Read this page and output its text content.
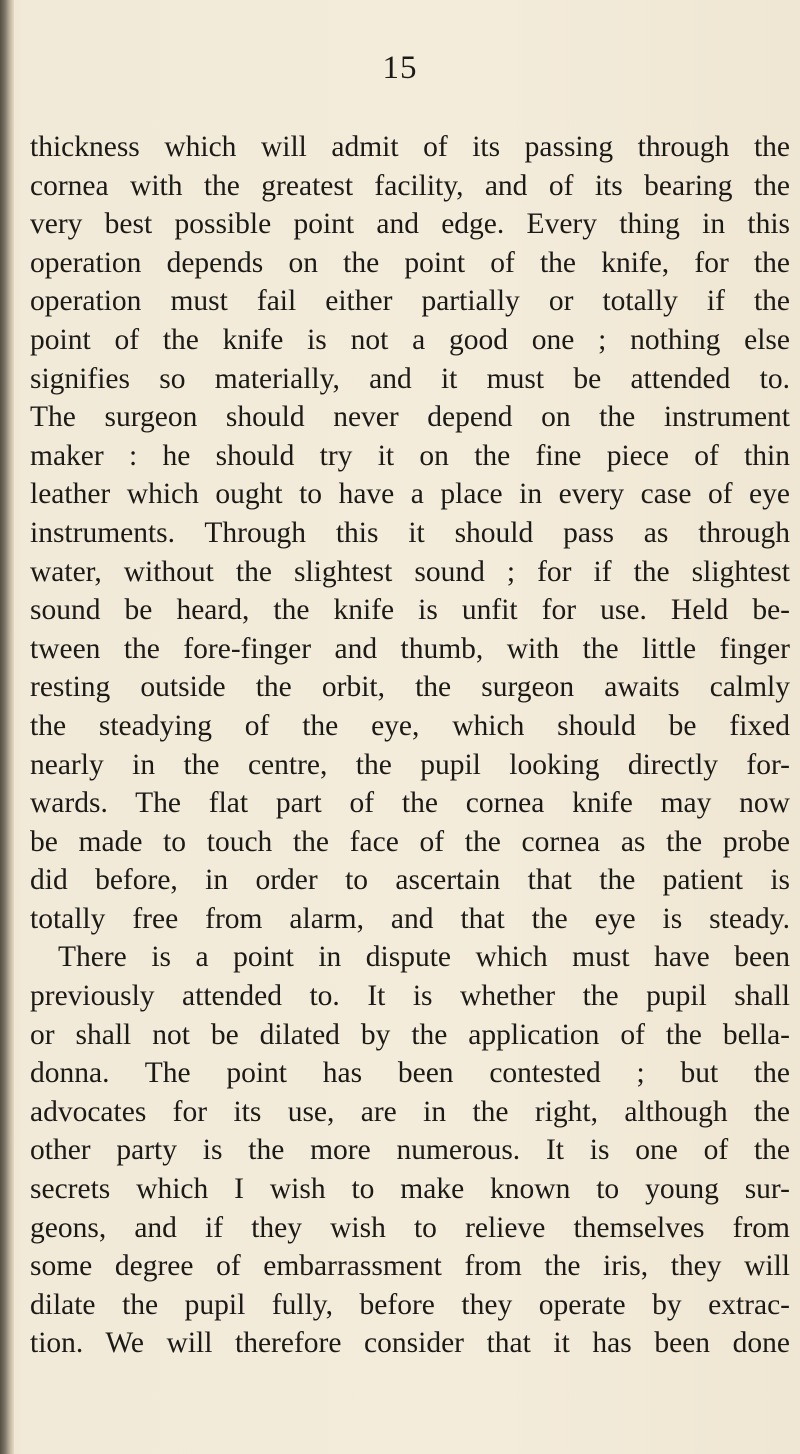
15

thickness which will admit of its passing through the
cornea with the greatest facility, and of its bearing the
very best possible point and edge. Every thing in this
operation depends on the point of the knife, for the
operation must fail either partially or totally if the
point of the knife is not a good one ; nothing else
signifies so materially, and it must be attended to.
The surgeon should never depend on the instrument
maker : he should try it on the fine piece of thin
leather which ought to have a place in every case of eye
instruments. Through this it should pass as through
water, without the slightest sound ; for if the slightest
sound be heard, the knife is unfit for use. Held be-
tween the fore-finger and thumb, with the little finger
resting outside the orbit, the surgeon awaits calmly
the steadying of the eye, which should be fixed
nearly in the centre, the pupil looking directly for-
wards. The flat part of the cornea knife may now
be made to touch the face of the cornea as the probe
did before, in order to ascertain that the patient is
totally free from alarm, and that the eye is steady.
There is a point in dispute which must have been
previously attended to. It is whether the pupil shall
or shall not be dilated by the application of the bella-
donna. The point has been contested ; but the
advocates for its use, are in the right, although the
other party is the more numerous. It is one of the
secrets which I wish to make known to young sur-
geons, and if they wish to relieve themselves from
some degree of embarrassment from the iris, they will
dilate the pupil fully, before they operate by extrac-
tion. We will therefore consider that it has been done
